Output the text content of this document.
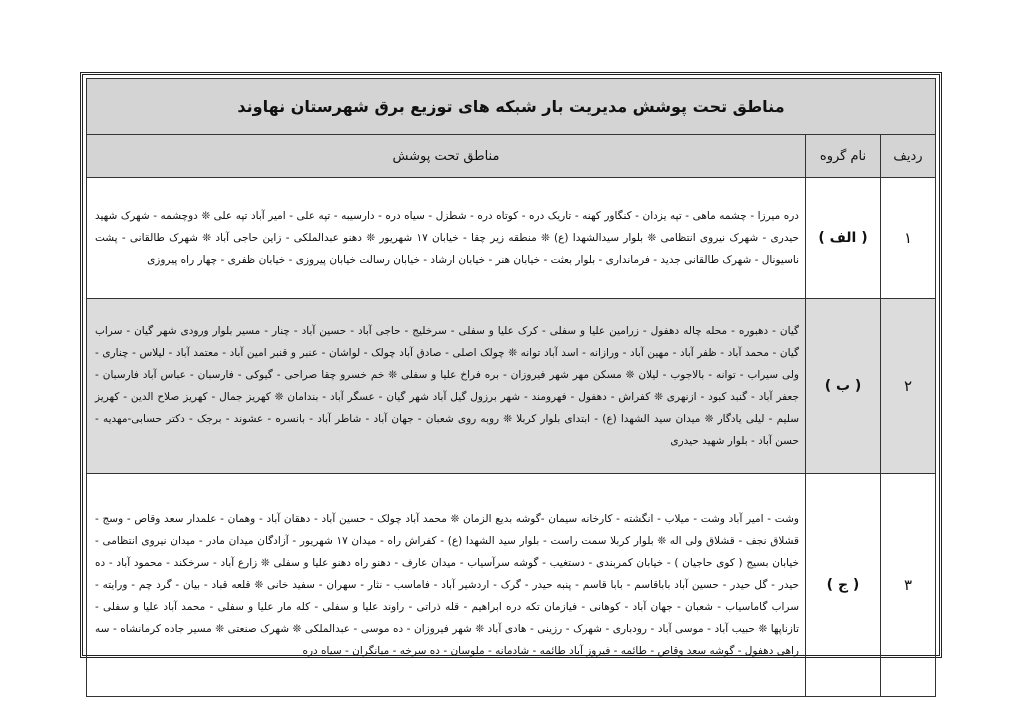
مناطق تحت پوشش مدیریت بار شبکه های توزیع برق شهرستان نهاوند		
ردیف	نام گروه	مناطق تحت پوشش
۱	( الف )	دره میرزا - چشمه ماهی - تپه یزدان - کنگاور کهنه - تاریک دره - کوتاه دره - شطزل - سیاه دره - دارسیبه - تپه علی - امیر آباد تپه علی ❊ دوچشمه - شهرک شهید حیدری - شهرک نیروی انتظامی ❊ بلوار سیدالشهدا (ع) ❊ منطقه زیر چقا - خیابان ۱۷ شهریور ❊ دهنو عبدالملکی - زاین حاجی آباد ❊ شهرک طالقانی - پشت ناسیونال - شهرک طالقانی جدید - فرمانداری - بلوار بعثت - خیابان هنر - خیابان ارشاد - خیابان رسالت خیابان پیروزی - خیابان ظفری - چهار راه پیروزی
۲	( ب )	گیان - دهبوره - محله چاله دهفول - زرامین علیا و سفلی - کرک علیا و سفلی - سرخلیج - حاجی آباد - حسین آباد - چنار - مسیر بلوار ورودی شهر گیان - سراب گیان - محمد آباد - ظفر آباد - مهین آباد - ورازانه - اسد آباد توانه ❊ چولک اصلی - صادق آباد چولک - لواشان - عنبر و قنبر امین آباد - معتمد آباد - لیلاس - چناری - ولی سیراب - توانه - بالاجوب - لیلان ❊ مسکن مهر شهر فیروزان - بره فراخ علیا و سفلی ❊ خم خسرو چقا صراحی - گیوکی - فارسبان - عباس آباد فارسبان - جعفر آباد - گنبد کبود - ازنهری ❊ کفراش - دهفول - فهرومند - شهر برزول گیل آباد شهر گیان - عسگر آباد - بندامان ❊ کهریز جمال - کهریز صلاح الدین - کهریز سلیم - لیلی یادگار ❊ میدان سید الشهدا (ع) - ابتدای بلوار کربلا ❊ روبه روی شعبان - جهان آباد - شاطر آباد - بانسره - عشوند - برجک - دکتر حسابی-مهدیه - حسن آباد - بلوار شهید حیدری
۳	( ج )	وشت - امیر آباد وشت - میلاب - انگشته - کارخانه سیمان -گوشه بدیع الزمان ❊ محمد آباد چولک - حسین آباد - دهقان آباد - وهمان - علمدار سعد وقاص - وسج - قشلاق نجف - قشلاق ولی اله ❊ بلوار کربلا سمت راست - بلوار سید الشهدا (ع) - کفراش راه - میدان ۱۷ شهریور - آزادگان میدان مادر - میدان نیروی انتظامی - خیابان بسیج ( کوی حاجیان ) - خیابان کمربندی - دستغیب - گوشه سرآسیاب - میدان عارف - دهنو راه دهنو علیا و سفلی ❊ زارع آباد - سرخکند - محمود آباد - ده حیدر - گل حیدر - حسین آباد باباقاسم - بابا قاسم - پنبه حیدر - گرک - اردشیر آباد - فاماسب - نثار - سهران - سفید خانی ❊ قلعه قباد - بیان - گرد چم - ورایته - سراب گاماسیاب - شعبان - جهان آباد - کوهانی - فیازمان تکه دره ابراهیم - قله ذراتی - راوند علیا و سفلی - کله مار علیا و سفلی - محمد آباد علیا و سفلی - تازناپها ❊ حبیب آباد - موسی آباد - رودباری - شهرک - رزینی - هادی آباد ❊ شهر فیروزان - ده موسی - عبدالملکی ❊ شهرک صنعتی ❊ مسیر جاده کرمانشاه - سه راهی دهفول - گوشه سعد وقاص - طائمه - فیروز آباد طائمه - شادمانه - ملوسان - ده سرخه - میانگران - سیاه دره
